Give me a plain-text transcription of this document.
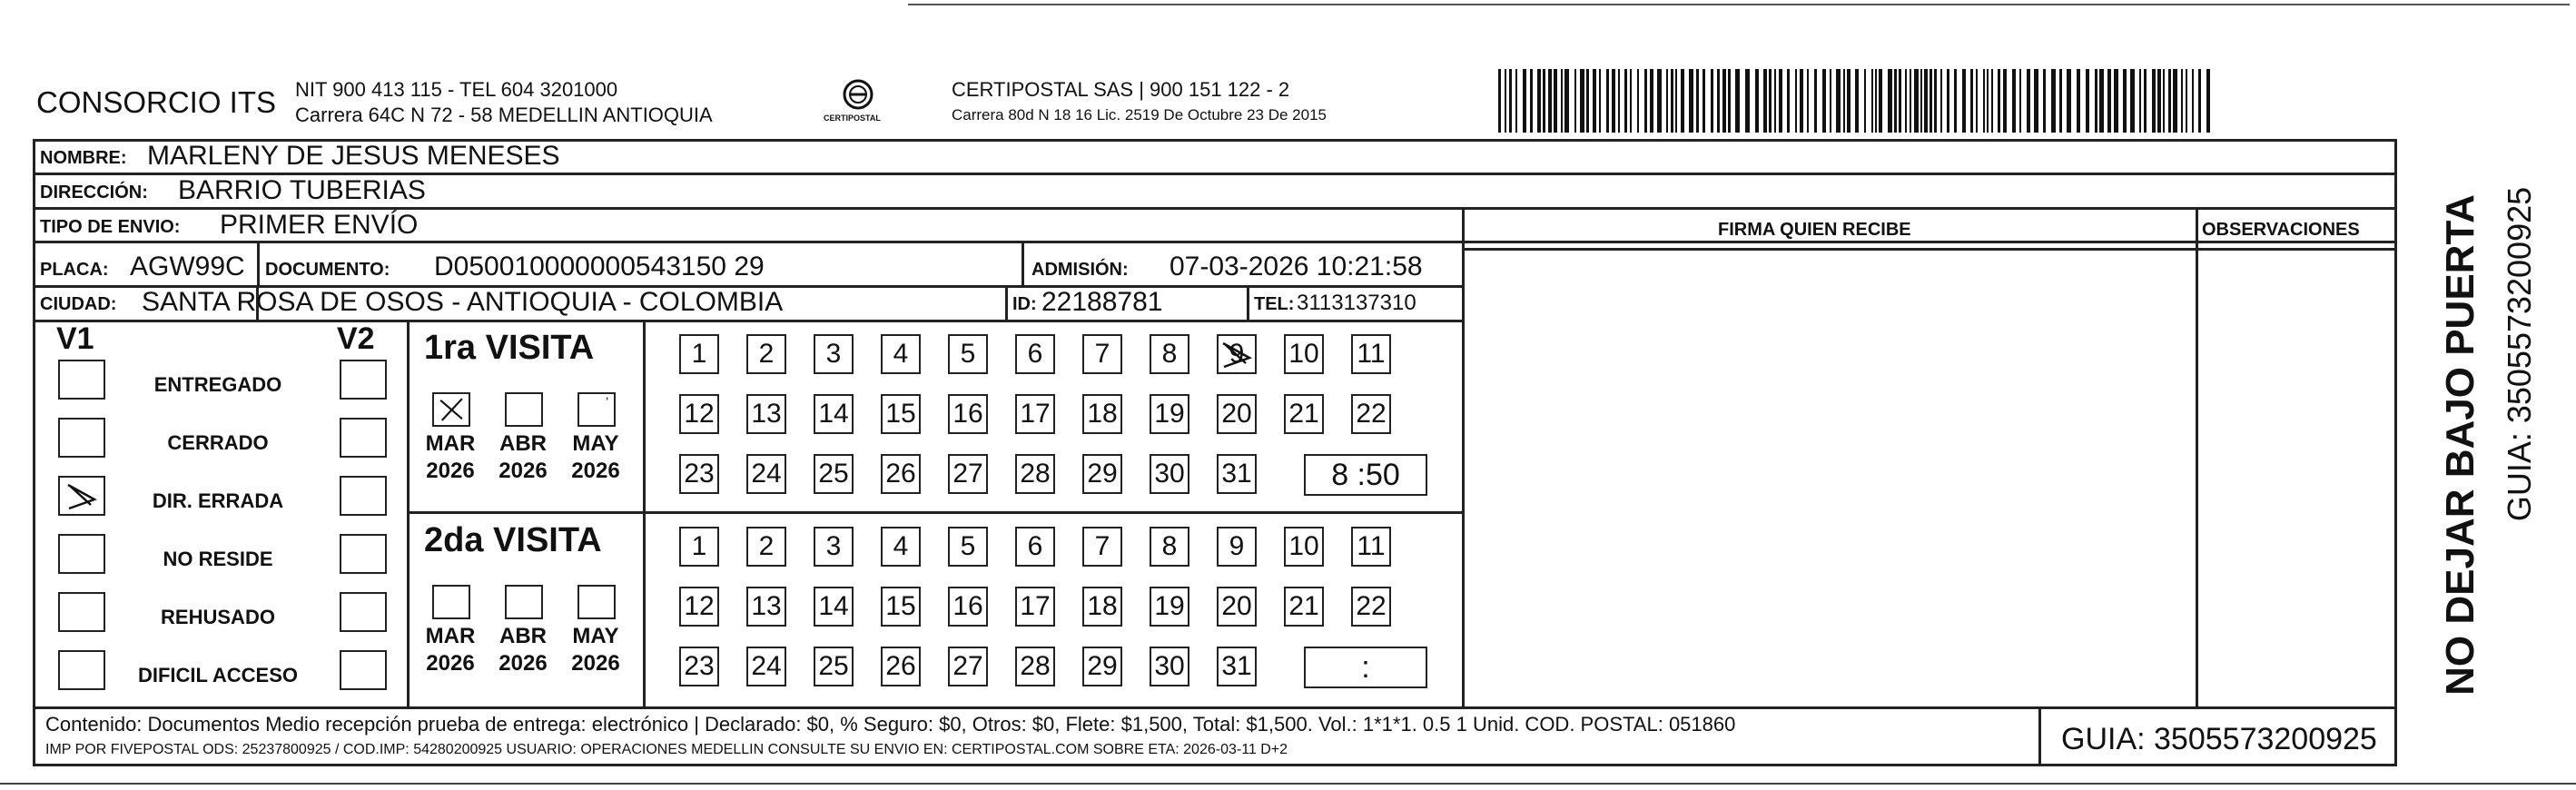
CONSORCIO ITS NIT 900 413 115 - TEL 604 3201000
Carrera 64C N 72 - 58 MEDELLIN ANTIOQUIA	CERTIPOSTAL
CERTIPOSTAL SAS | 900 151 122 - 2
Carrera 80d N 18 16 Lic. 2519 De Octubre 23 De 2015
NOMBRE: MARLENY DE JESUS MENESES
DIRECCIÓN: BARRIO TUBERIAS
TIPO DE ENVIO: PRIMER ENVÍO	FIRMA QUIEN RECIBE	OBSERVACIONES
PLACA: AGW99C DOCUMENTO: D050010000000543150 29	ADMISIÓN: 07-03-2026 10:21:58
CIUDAD: SANTA ROSA DE OSOS - ANTIOQUIA - COLOMBIA	ID: 22188781	TEL: 3113137310
V1	V2
ENTREGADO
CERRADO
DIR. ERRADA
NO RESIDE
REHUSADO
DIFICIL ACCESO
1ra VISITA
MAR
2026
ABR
2026
'
MAY
2026
1 2 3 4 5 6 7 8 9 10 11
12 13 14 15 16 17 18 19 20 21 22
23 24 25 26 27 28 29 30 31	8 :50
2da VISITA
MAR
2026
ABR
2026
MAY
2026
1 2 3 4 5 6 7 8 9 10 11
12 13 14 15 16 17 18 19 20 21 22
23 24 25 26 27 28 29 30 31	:
Contenido: Documentos Medio recepción prueba de entrega: electrónico | Declarado: $0, % Seguro: $0, Otros: $0, Flete: $1,500, Total: $1,500. Vol.: 1*1*1. 0.5 1 Unid. COD. POSTAL: 051860
IMP POR FIVEPOSTAL ODS: 25237800925 / COD.IMP: 54280200925 USUARIO: OPERACIONES MEDELLIN CONSULTE SU ENVIO EN: CERTIPOSTAL.COM SOBRE ETA: 2026-03-11 D+2	GUIA: 3505573200925
NO DEJAR BAJO PUERTA GUIA: 3505573200925
